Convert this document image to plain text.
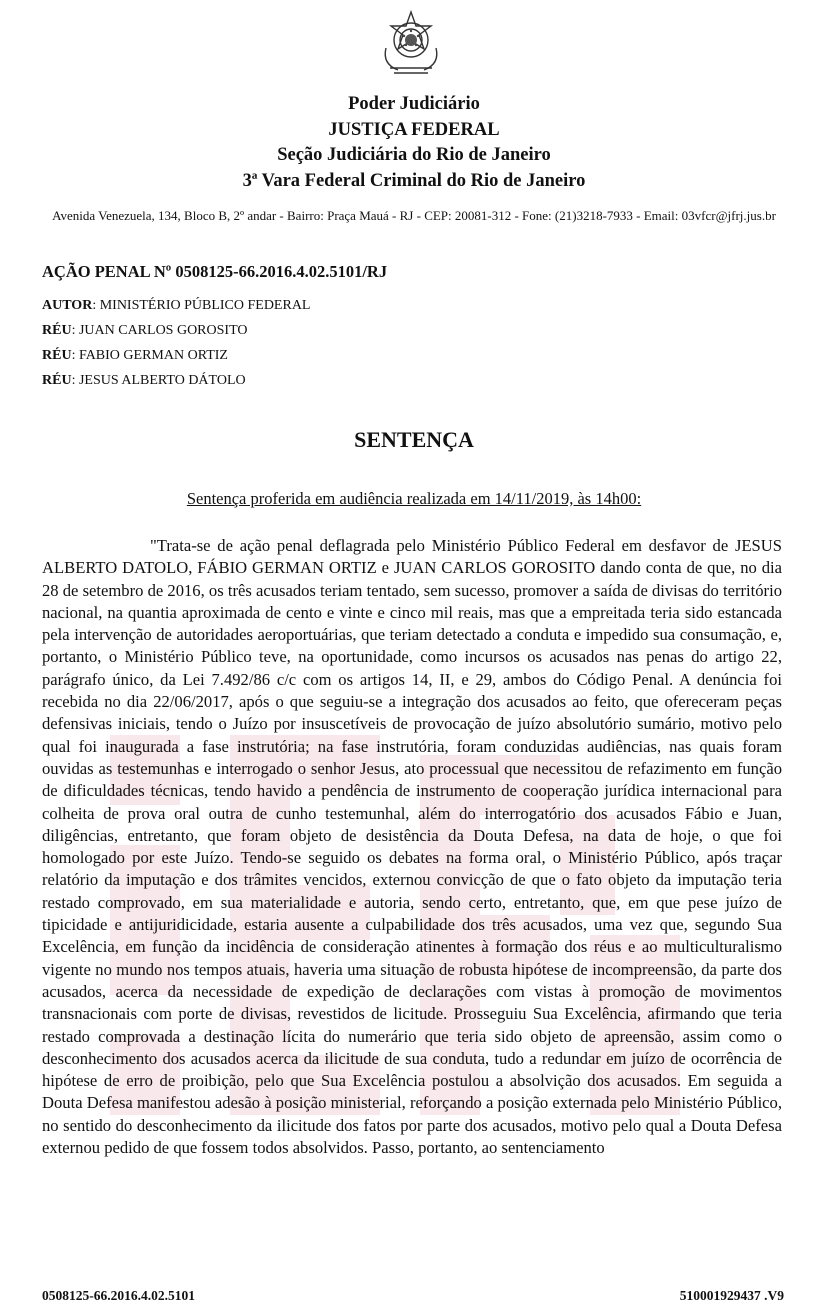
Poder Judiciário
JUSTIÇA FEDERAL
Seção Judiciária do Rio de Janeiro
3ª Vara Federal Criminal do Rio de Janeiro
Avenida Venezuela, 134, Bloco B, 2º andar - Bairro: Praça Mauá - RJ - CEP: 20081-312 - Fone: (21)3218-7933 - Email: 03vfcr@jfrj.jus.br
AÇÃO PENAL Nº 0508125-66.2016.4.02.5101/RJ
AUTOR: MINISTÉRIO PÚBLICO FEDERAL
RÉU: JUAN CARLOS GOROSITO
RÉU: FABIO GERMAN ORTIZ
RÉU: JESUS ALBERTO DÁTOLO
SENTENÇA
Sentença proferida em audiência realizada em 14/11/2019, às 14h00:

"Trata-se de ação penal deflagrada pelo Ministério Público Federal em desfavor de JESUS ALBERTO DATOLO, FÁBIO GERMAN ORTIZ e JUAN CARLOS GOROSITO dando conta de que, no dia 28 de setembro de 2016, os três acusados teriam tentado, sem sucesso, promover a saída de divisas do território nacional, na quantia aproximada de cento e vinte e cinco mil reais, mas que a empreitada teria sido estancada pela intervenção de autoridades aeroportuárias, que teriam detectado a conduta e impedido sua consumação, e, portanto, o Ministério Público teve, na oportunidade, como incursos os acusados nas penas do artigo 22, parágrafo único, da Lei 7.492/86 c/c com os artigos 14, II, e 29, ambos do Código Penal. A denúncia foi recebida no dia 22/06/2017, após o que seguiu-se a integração dos acusados ao feito, que ofereceram peças defensivas iniciais, tendo o Juízo por insuscetíveis de provocação de juízo absolutório sumário, motivo pelo qual foi inaugurada a fase instrutória; na fase instrutória, foram conduzidas audiências, nas quais foram ouvidas as testemunhas e interrogado o senhor Jesus, ato processual que necessitou de refazimento em função de dificuldades técnicas, tendo havido a pendência de instrumento de cooperação jurídica internacional para colheita de prova oral outra de cunho testemunhal, além do interrogatório dos acusados Fábio e Juan, diligências, entretanto, que foram objeto de desistência da Douta Defesa, na data de hoje, o que foi homologado por este Juízo. Tendo-se seguido os debates na forma oral, o Ministério Público, após traçar relatório da imputação e dos trâmites vencidos, externou convicção de que o fato objeto da imputação teria restado comprovado, em sua materialidade e autoria, sendo certo, entretanto, que, em que pese juízo de tipicidade e antijuridicidade, estaria ausente a culpabilidade dos três acusados, uma vez que, segundo Sua Excelência, em função da incidência de consideração atinentes à formação dos réus e ao multiculturalismo vigente no mundo nos tempos atuais, haveria uma situação de robusta hipótese de incompreensão, da parte dos acusados, acerca da necessidade de expedição de declarações com vistas à promoção de movimentos transnacionais com porte de divisas, revestidos de licitude. Prosseguiu Sua Excelência, afirmando que teria restado comprovada a destinação lícita do numerário que teria sido objeto de apreensão, assim como o desconhecimento dos acusados acerca da ilicitude de sua conduta, tudo a redundar em juízo de ocorrência de hipótese de erro de proibição, pelo que Sua Excelência postulou a absolvição dos acusados. Em seguida a Douta Defesa manifestou adesão à posição ministerial, reforçando a posição externada pelo Ministério Público, no sentido do desconhecimento da ilicitude dos fatos por parte dos acusados, motivo pelo qual a Douta Defesa externou pedido de que fossem todos absolvidos. Passo, portanto, ao sentenciamento

0508125-66.2016.4.02.5101	510001929437 .V9
